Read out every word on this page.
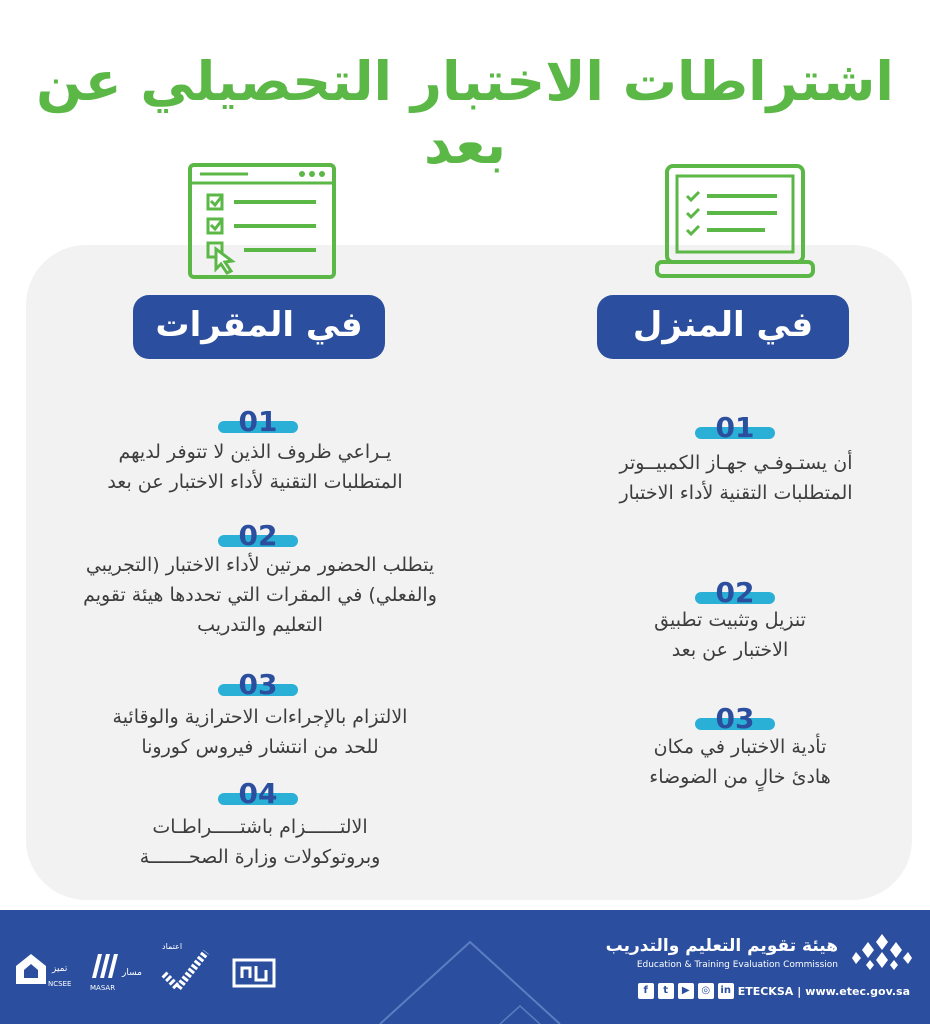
اشتراطات الاختبار التحصيلي عن بعد
في المنزل
في المقرات
01
أن يستـوفـي جهـاز الكمبيــوتر
المتطلبات التقنية لأداء الاختبار
02
تنزيل وتثبيت تطبيق
الاختبار عن بعد
03
تأدية الاختبار في مكان
هادئ خالٍ من الضوضاء
01
يـراعي ظروف الذين لا تتوفر لديهم
المتطلبات التقنية لأداء الاختبار عن بعد
02
يتطلب الحضور مرتين لأداء الاختبار (التجريبي
والفعلي) في المقرات التي تحددها هيئة تقويم
التعليم والتدريب
03
الالتزام بالإجراءات الاحترازية والوقائية
للحد من انتشار فيروس كورونا
04
الالتــــــزام باشتـــــراطـات
وبروتوكولات وزارة الصحـــــــة
هيئة تقويم التعليم والتدريب
Education & Training Evaluation Commission
www.etec.gov.sa
|
ETECKSA
in
◎
▶
t
f
تميز
NCSEE
مسار
MASAR
اعتماد
